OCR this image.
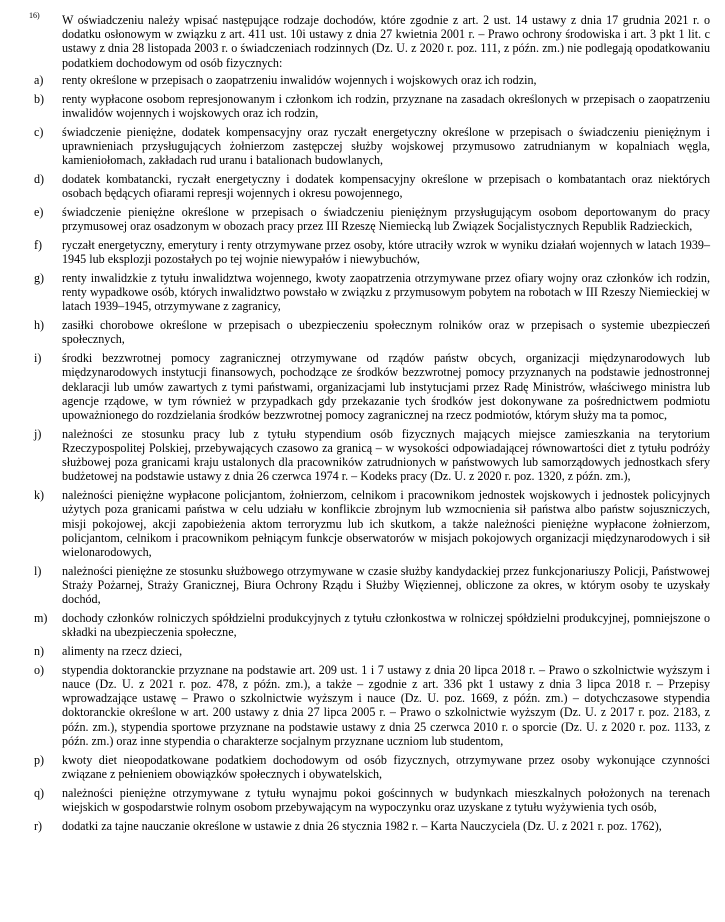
16) W oświadczeniu należy wpisać następujące rodzaje dochodów, które zgodnie z art. 2 ust. 14 ustawy z dnia 17 grudnia 2021 r. o dodatku osłonowym w związku z art. 411 ust. 10i ustawy z dnia 27 kwietnia 2001 r. – Prawo ochrony środowiska i art. 3 pkt 1 lit. c ustawy z dnia 28 listopada 2003 r. o świadczeniach rodzinnych (Dz. U. z 2020 r. poz. 111, z późn. zm.) nie podlegają opodatkowaniu podatkiem dochodowym od osób fizycznych:
a) renty określone w przepisach o zaopatrzeniu inwalidów wojennych i wojskowych oraz ich rodzin,
b) renty wypłacone osobom represjonowanym i członkom ich rodzin, przyznane na zasadach określonych w przepisach o zaopatrzeniu inwalidów wojennych i wojskowych oraz ich rodzin,
c) świadczenie pieniężne, dodatek kompensacyjny oraz ryczałt energetyczny określone w przepisach o świadczeniu pieniężnym i uprawnieniach przysługujących żołnierzom zastępczej służby wojskowej przymusowo zatrudnianym w kopalniach węgla, kamieniołomach, zakładach rud uranu i batalionach budowlanych,
d) dodatek kombatancki, ryczałt energetyczny i dodatek kompensacyjny określone w przepisach o kombatantach oraz niektórych osobach będących ofiarami represji wojennych i okresu powojennego,
e) świadczenie pieniężne określone w przepisach o świadczeniu pieniężnym przysługującym osobom deportowanym do pracy przymusowej oraz osadzonym w obozach pracy przez III Rzeszę Niemiecką lub Związek Socjalistycznych Republik Radzieckich,
f) ryczałt energetyczny, emerytury i renty otrzymywane przez osoby, które utraciły wzrok w wyniku działań wojennych w latach 1939–1945 lub eksplozji pozostałych po tej wojnie niewypałów i niewybuchów,
g) renty inwalidzkie z tytułu inwalidztwa wojennego, kwoty zaopatrzenia otrzymywane przez ofiary wojny oraz członków ich rodzin, renty wypadkowe osób, których inwalidztwo powstało w związku z przymusowym pobytem na robotach w III Rzeszy Niemieckiej w latach 1939–1945, otrzymywane z zagranicy,
h) zasiłki chorobowe określone w przepisach o ubezpieczeniu społecznym rolników oraz w przepisach o systemie ubezpieczeń społecznych,
i) środki bezzwrotnej pomocy zagranicznej otrzymywane od rządów państw obcych, organizacji międzynarodowych lub międzynarodowych instytucji finansowych, pochodzące ze środków bezzwrotnej pomocy przyznanych na podstawie jednostronnej deklaracji lub umów zawartych z tymi państwami, organizacjami lub instytucjami przez Radę Ministrów, właściwego ministra lub agencje rządowe, w tym również w przypadkach gdy przekazanie tych środków jest dokonywane za pośrednictwem podmiotu upoważnionego do rozdzielania środków bezzwrotnej pomocy zagranicznej na rzecz podmiotów, którym służy ma ta pomoc,
j) należności ze stosunku pracy lub z tytułu stypendium osób fizycznych mających miejsce zamieszkania na terytorium Rzeczypospolitej Polskiej, przebywających czasowo za granicą – w wysokości odpowiadającej równowartości diet z tytułu podróży służbowej poza granicami kraju ustalonych dla pracowników zatrudnionych w państwowych lub samorządowych jednostkach sfery budżetowej na podstawie ustawy z dnia 26 czerwca 1974 r. – Kodeks pracy (Dz. U. z 2020 r. poz. 1320, z późn. zm.),
k) należności pieniężne wypłacone policjantom, żołnierzom, celnikom i pracownikom jednostek wojskowych i jednostek policyjnych użytych poza granicami państwa w celu udziału w konflikcie zbrojnym lub wzmocnienia sił państwa albo państw sojuszniczych, misji pokojowej, akcji zapobieżenia aktom terroryzmu lub ich skutkom, a także należności pieniężne wypłacone żołnierzom, policjantom, celnikom i pracownikom pełniącym funkcje obserwatorów w misjach pokojowych organizacji międzynarodowych i sił wielonarodowych,
l) należności pieniężne ze stosunku służbowego otrzymywane w czasie służby kandydackiej przez funkcjonariuszy Policji, Państwowej Straży Pożarnej, Straży Granicznej, Biura Ochrony Rządu i Służby Więziennej, obliczone za okres, w którym osoby te uzyskały dochód,
m) dochody członków rolniczych spółdzielni produkcyjnych z tytułu członkostwa w rolniczej spółdzielni produkcyjnej, pomniejszone o składki na ubezpieczenia społeczne,
n) alimenty na rzecz dzieci,
o) stypendia doktoranckie przyznane na podstawie art. 209 ust. 1 i 7 ustawy z dnia 20 lipca 2018 r. – Prawo o szkolnictwie wyższym i nauce (Dz. U. z 2021 r. poz. 478, z późn. zm.), a także – zgodnie z art. 336 pkt 1 ustawy z dnia 3 lipca 2018 r. – Przepisy wprowadzające ustawę – Prawo o szkolnictwie wyższym i nauce (Dz. U. poz. 1669, z późn. zm.) – dotychczasowe stypendia doktoranckie określone w art. 200 ustawy z dnia 27 lipca 2005 r. – Prawo o szkolnictwie wyższym (Dz. U. z 2017 r. poz. 2183, z późn. zm.), stypendia sportowe przyznane na podstawie ustawy z dnia 25 czerwca 2010 r. o sporcie (Dz. U. z 2020 r. poz. 1133, z późn. zm.) oraz inne stypendia o charakterze socjalnym przyznane uczniom lub studentom,
p) kwoty diet nieopodatkowane podatkiem dochodowym od osób fizycznych, otrzymywane przez osoby wykonujące czynności związane z pełnieniem obowiązków społecznych i obywatelskich,
q) należności pieniężne otrzymywane z tytułu wynajmu pokoi gościnnych w budynkach mieszkalnych położonych na terenach wiejskich w gospodarstwie rolnym osobom przebywającym na wypoczynku oraz uzyskane z tytułu wyżywienia tych osób,
r) dodatki za tajne nauczanie określone w ustawie z dnia 26 stycznia 1982 r. – Karta Nauczyciela (Dz. U. z 2021 r. poz. 1762),
